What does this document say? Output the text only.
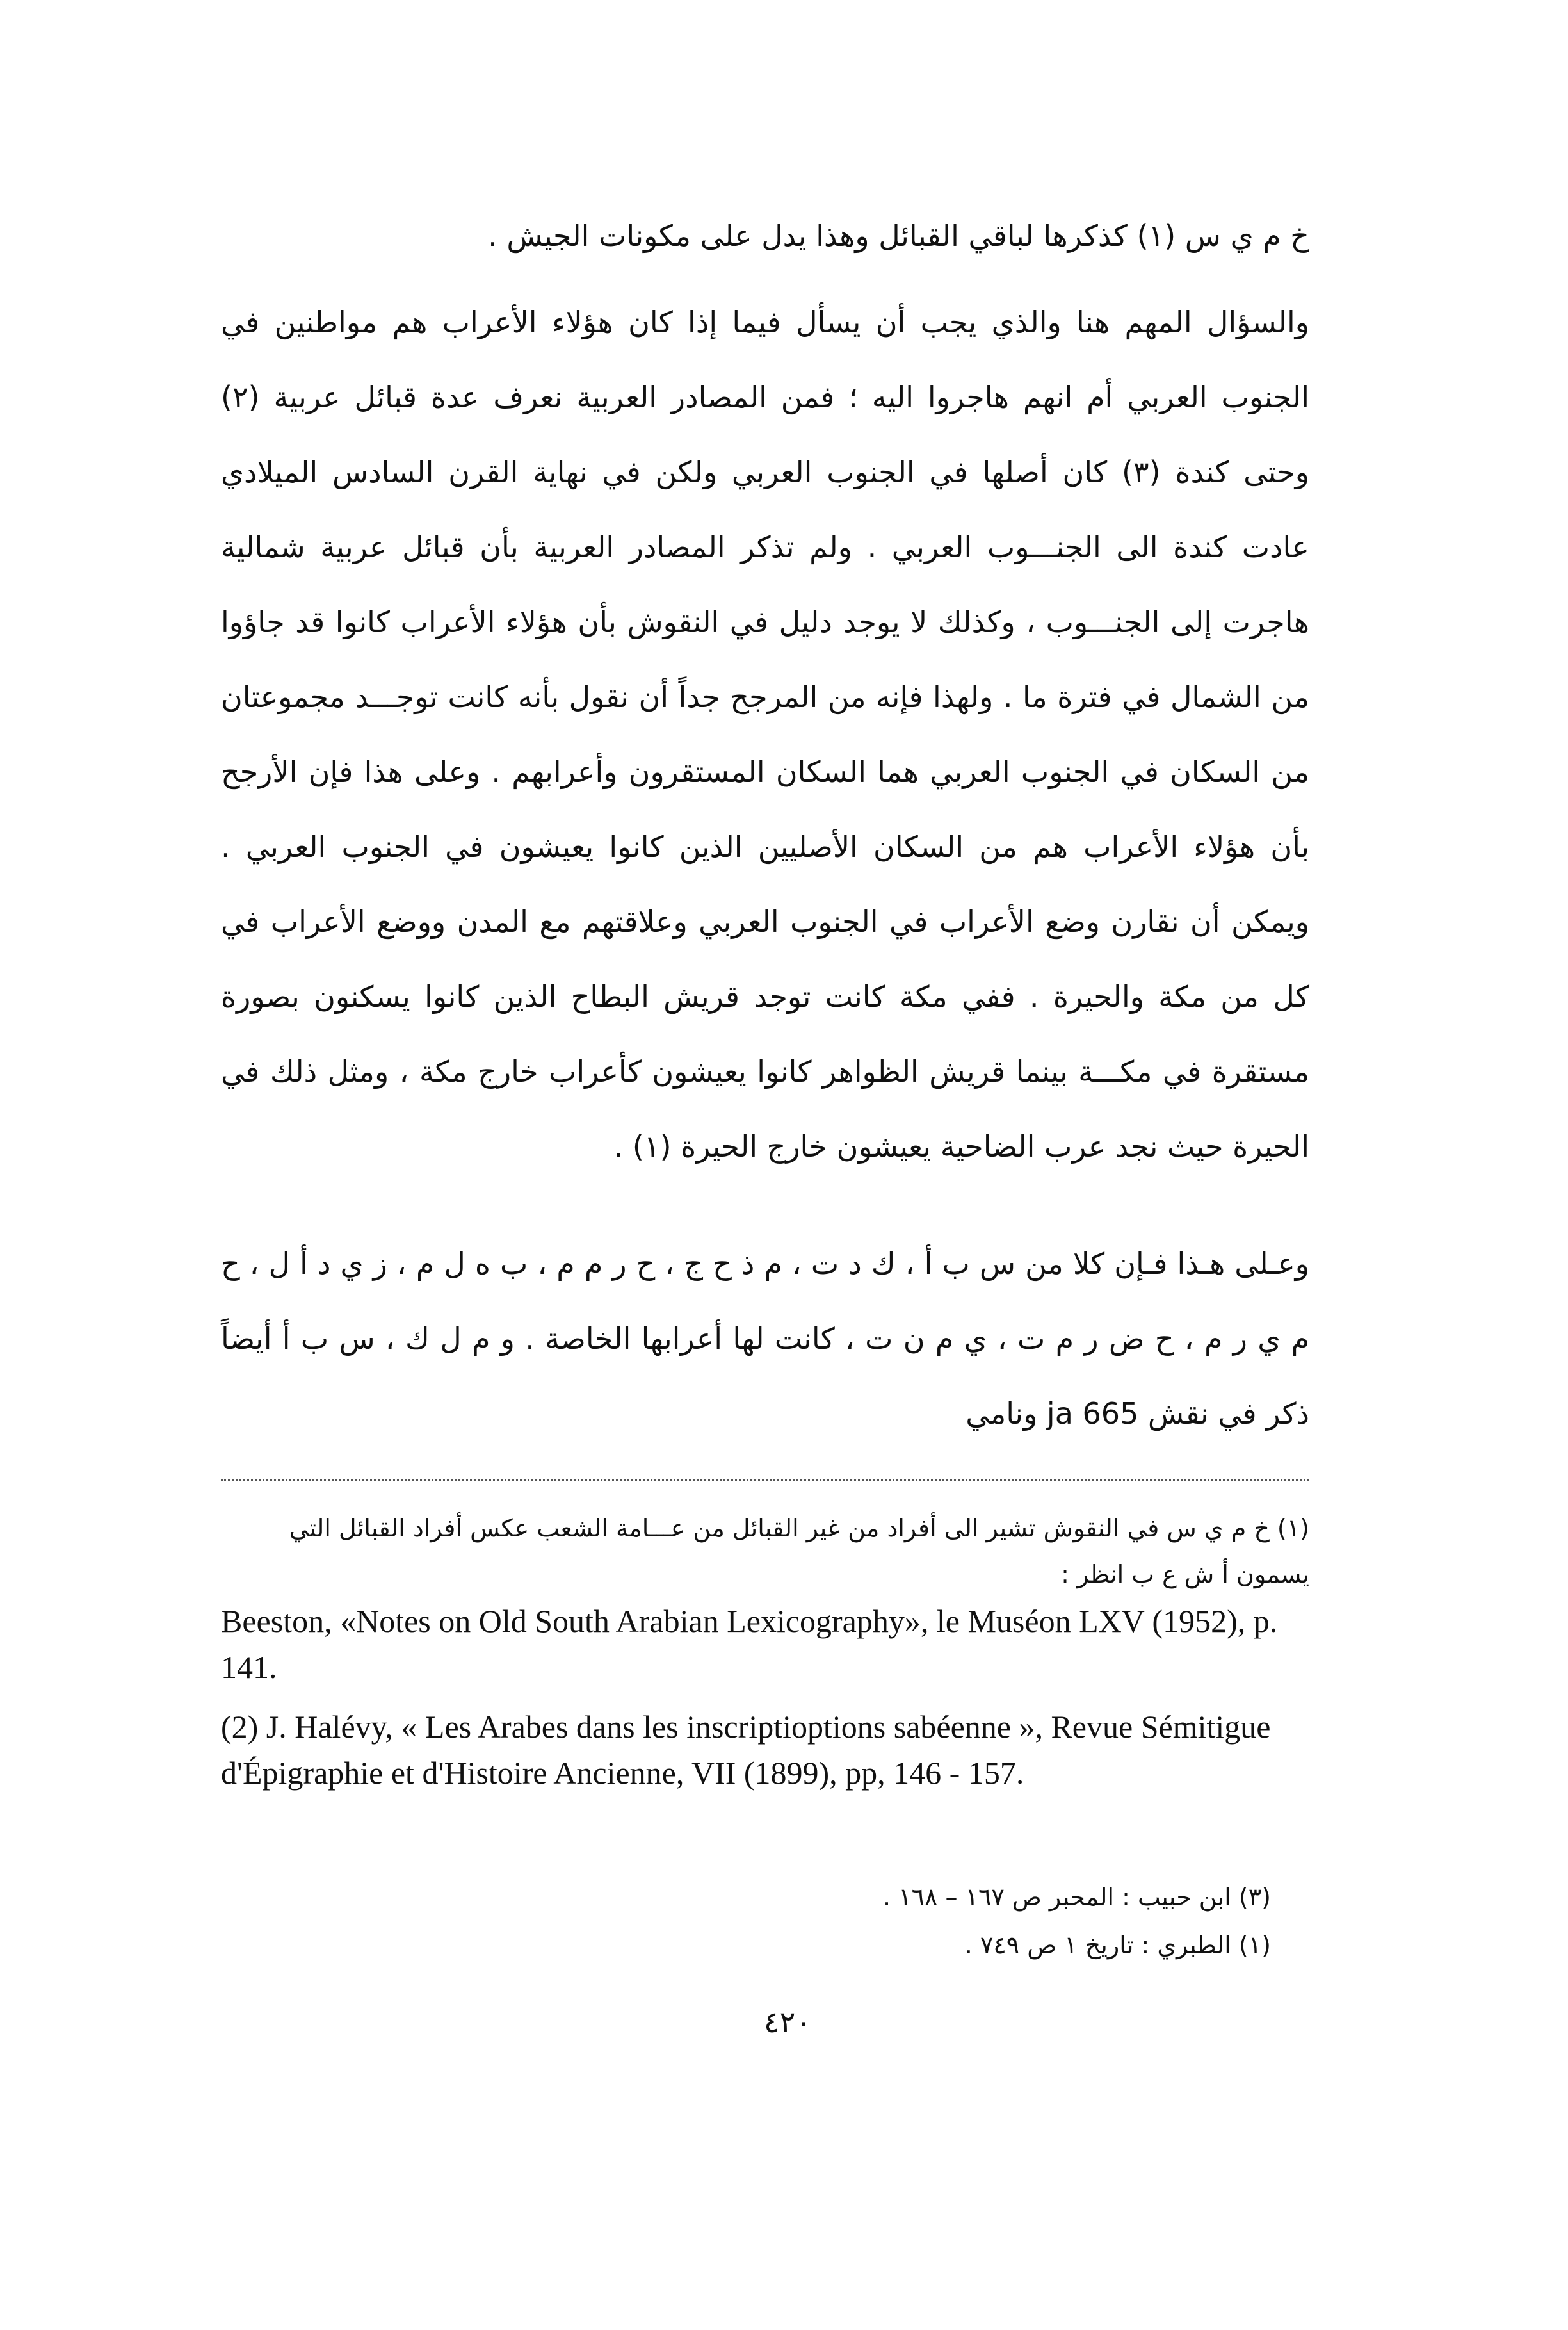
خ م ي س (١) كذكرها لباقي القبائل وهذا يدل على مكونات الجيش .

والسؤال المهم هنا والذي يجب أن يسأل فيما إذا كان هؤلاء الأعراب هم مواطنين في الجنوب العربي أم انهم هاجروا اليه ؛ فمن المصادر العربية نعرف عدة قبائل عربية (٢) وحتى كندة (٣) كان أصلها في الجنوب العربي ولكن في نهاية القرن السادس الميلادي عادت كندة الى الجنـــوب العربي . ولم تذكر المصادر العربية بأن قبائل عربية شمالية هاجرت إلى الجنـــوب ، وكذلك لا يوجد دليل في النقوش بأن هؤلاء الأعراب كانوا قد جاؤوا من الشمال في فترة ما . ولهذا فإنه من المرجح جداً أن نقول بأنه كانت توجـــد مجموعتان من السكان في الجنوب العربي هما السكان المستقرون وأعرابهم . وعلى هذا فإن الأرجح بأن هؤلاء الأعراب هم من السكان الأصليين الذين كانوا يعيشون في الجنوب العربي . ويمكن أن نقارن وضع الأعراب في الجنوب العربي وعلاقتهم مع المدن ووضع الأعراب في كل من مكة والحيرة . ففي مكة كانت توجد قريش البطاح الذين كانوا يسكنون بصورة مستقرة في مكـــة بينما قريش الظواهر كانوا يعيشون كأعراب خارج مكة ، ومثل ذلك في الحيرة حيث نجد عرب الضاحية يعيشون خارج الحيرة (١) .

وعـلى هـذا فـإن كلا من س ب أ ، ك د ت ، م ذ ح ج ، ح ر م م ، ب ه ل م ، ز ي د أ ل ، ح م ي ر م ، ح ض ر م ت ، ي م ن ت ، كانت لها أعرابها الخاصة . و م ل ك ، س ب أ أيضاً ذكر في نقش ja 665 ونامي

(١) خ م ي س في النقوش تشير الى أفراد من غير القبائل من عـــامة الشعب عكس أفراد القبائل التي يسمون أ ش ع ب انظر :

Beeston, «Notes on Old South Arabian Lexicography», le Muséon LXV (1952), p. 141.

(2) J. Halévy, « Les Arabes dans les inscriptioptions sabéenne », Revue Sémitigue d'Épigraphie et d'Histoire Ancienne, VII (1899), pp, 146 - 157.

(٣) ابن حبيب : المحبر ص ١٦٧ – ١٦٨ .
(١) الطبري : تاريخ ١ ص ٧٤٩ .
٤٢٠
